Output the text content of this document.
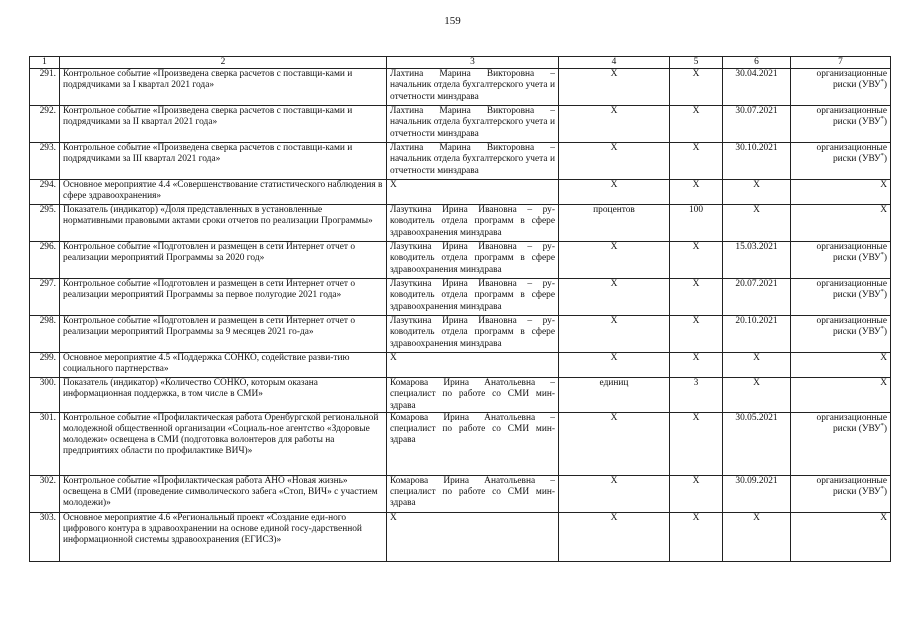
159
1	2	3	4	5	6	7
291.	Контрольное событие «Произведена сверка расчетов с поставщи-ками и подрядчиками за I квартал 2021 года»	Лахтина Марина Викторовна – начальник отдела бухгалтерского учета и отчетности минздрава	X	X	30.04.2021	организационные риски (УВУ*)
292.	Контрольное событие «Произведена сверка расчетов с поставщи-ками и подрядчиками за II квартал 2021 года»	Лахтина Марина Викторовна – начальник отдела бухгалтерского учета и отчетности минздрава	X	X	30.07.2021	организационные риски (УВУ*)
293.	Контрольное событие «Произведена сверка расчетов с поставщи-ками и подрядчиками за III квартал 2021 года»	Лахтина Марина Викторовна – начальник отдела бухгалтерского учета и отчетности минздрава	X	X	30.10.2021	организационные риски (УВУ*)
294.	Основное мероприятие 4.4 «Совершенствование статистического наблюдения в сфере здравоохранения»	X	X	X	X	X
295.	Показатель (индикатор) «Доля представленных в установленные нормативными правовыми актами сроки отчетов по реализации Программы»	Лазуткина Ирина Ивановна – ру-ководитель отдела программ в сфере здравоохранения минздрава	процентов	100	X	X
296.	Контрольное событие «Подготовлен и размещен в сети Интернет отчет о реализации мероприятий Программы за 2020 год»	Лазуткина Ирина Ивановна – ру-ководитель отдела программ в сфере здравоохранения минздрава	X	X	15.03.2021	организационные риски (УВУ*)
297.	Контрольное событие «Подготовлен и размещен в сети Интернет отчет о реализации мероприятий Программы за первое полугодие 2021 года»	Лазуткина Ирина Ивановна – ру-ководитель отдела программ в сфере здравоохранения минздрава	X	X	20.07.2021	организационные риски (УВУ*)
298.	Контрольное событие «Подготовлен и размещен в сети Интернет отчет о реализации мероприятий Программы за 9 месяцев 2021 го-да»	Лазуткина Ирина Ивановна – ру-ководитель отдела программ в сфере здравоохранения минздрава	X	X	20.10.2021	организационные риски (УВУ*)
299.	Основное мероприятие 4.5 «Поддержка СОНКО, содействие разви-тию социального партнерства»	X	X	X	X	X
300.	Показатель (индикатор) «Количество СОНКО, которым оказана информационная поддержка, в том числе в СМИ»	Комарова Ирина Анатольевна – специалист по работе со СМИ мин-здрава	единиц	3	X	X
301.	Контрольное событие «Профилактическая работа Оренбургской региональной молодежной общественной организации «Социаль-ное агентство «Здоровые молодежи» освещена в СМИ (подготовка волонтеров для работы на предприятиях области по профилактике ВИЧ)»	Комарова Ирина Анатольевна – специалист по работе со СМИ мин-здрава	X	X	30.05.2021	организационные риски (УВУ*)
302.	Контрольное событие «Профилактическая работа АНО «Новая жизнь» освещена в СМИ (проведение символического забега «Стоп, ВИЧ» с участием молодежи)»	Комарова Ирина Анатольевна – специалист по работе со СМИ мин-здрава	X	X	30.09.2021	организационные риски (УВУ*)
303.	Основное мероприятие 4.6 «Региональный проект «Создание еди-ного цифрового контура в здравоохранении на основе единой госу-дарственной информационной системы здравоохранения (ЕГИСЗ)»	X	X	X	X	X
